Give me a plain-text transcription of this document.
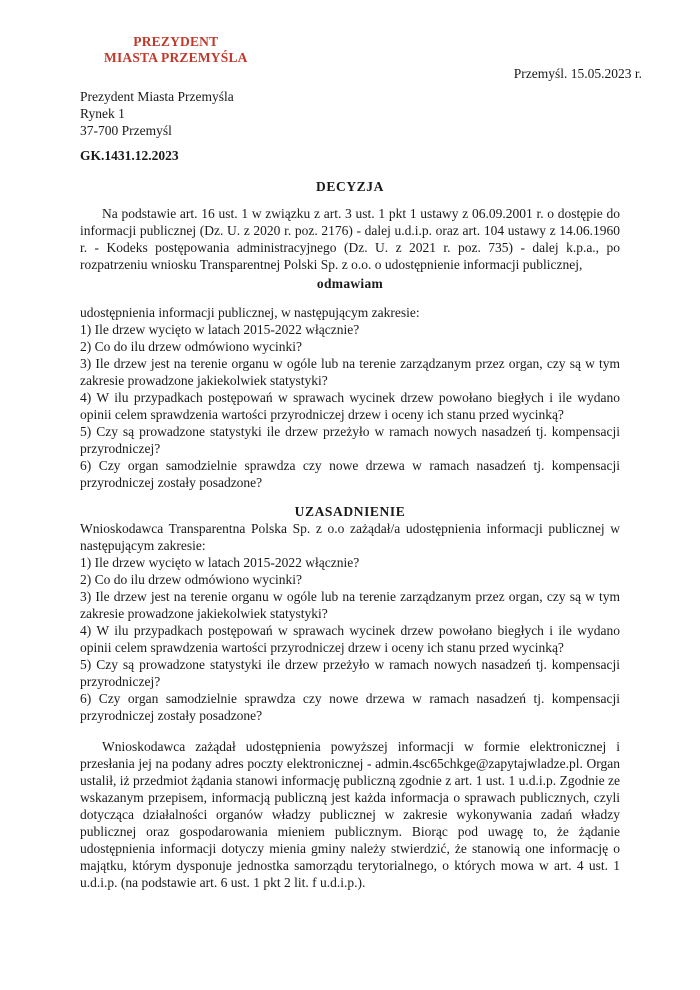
PREZYDENT
MIASTA PRZEMYŚLA
Przemyśl. 15.05.2023 r.
Prezydent Miasta Przemyśla
Rynek 1
37-700 Przemyśl
GK.1431.12.2023
DECYZJA

Na podstawie art. 16 ust. 1 w związku z art. 3 ust. 1 pkt 1 ustawy z 06.09.2001 r. o dostępie do informacji publicznej (Dz. U. z 2020 r. poz. 2176) - dalej u.d.i.p. oraz art. 104 ustawy z 14.06.1960 r. - Kodeks postępowania administracyjnego (Dz. U. z 2021 r. poz. 735) - dalej k.p.a., po rozpatrzeniu wniosku Transparentnej Polski Sp. z o.o. o udostępnienie informacji publicznej,

odmawiam

udostępnienia informacji publicznej, w następującym zakresie:

1) Ile drzew wycięto w latach 2015-2022 włącznie?

2) Co do ilu drzew odmówiono wycinki?

3) Ile drzew jest na terenie organu w ogóle lub na terenie zarządzanym przez organ, czy są w tym zakresie prowadzone jakiekolwiek statystyki?

4) W ilu przypadkach postępowań w sprawach wycinek drzew powołano biegłych i ile wydano opinii celem sprawdzenia wartości przyrodniczej drzew i oceny ich stanu przed wycinką?

5) Czy są prowadzone statystyki ile drzew przeżyło w ramach nowych nasadzeń tj. kompensacji przyrodniczej?

6) Czy organ samodzielnie sprawdza czy nowe drzewa w ramach nasadzeń tj. kompensacji przyrodniczej zostały posadzone?

UZASADNIENIE

Wnioskodawca Transparentna Polska Sp. z o.o zażądał/a udostępnienia informacji publicznej w następującym zakresie:

1) Ile drzew wycięto w latach 2015-2022 włącznie?

2) Co do ilu drzew odmówiono wycinki?

3) Ile drzew jest na terenie organu w ogóle lub na terenie zarządzanym przez organ, czy są w tym zakresie prowadzone jakiekolwiek statystyki?

4) W ilu przypadkach postępowań w sprawach wycinek drzew powołano biegłych i ile wydano opinii celem sprawdzenia wartości przyrodniczej drzew i oceny ich stanu przed wycinką?

5) Czy są prowadzone statystyki ile drzew przeżyło w ramach nowych nasadzeń tj. kompensacji przyrodniczej?

6) Czy organ samodzielnie sprawdza czy nowe drzewa w ramach nasadzeń tj. kompensacji przyrodniczej zostały posadzone?

Wnioskodawca zażądał udostępnienia powyższej informacji w formie elektronicznej i przesłania jej na podany adres poczty elektronicznej - admin.4sc65chkge@zapytajwladze.pl. Organ ustalił, iż przedmiot żądania stanowi informację publiczną zgodnie z art. 1 ust. 1 u.d.i.p. Zgodnie ze wskazanym przepisem, informacją publiczną jest każda informacja o sprawach publicznych, czyli dotycząca działalności organów władzy publicznej w zakresie wykonywania zadań władzy publicznej oraz gospodarowania mieniem publicznym. Biorąc pod uwagę to, że żądanie udostępnienia informacji dotyczy mienia gminy należy stwierdzić, że stanowią one informację o majątku, którym dysponuje jednostka samorządu terytorialnego, o których mowa w art. 4 ust. 1 u.d.i.p. (na podstawie art. 6 ust. 1 pkt 2 lit. f u.d.i.p.).
